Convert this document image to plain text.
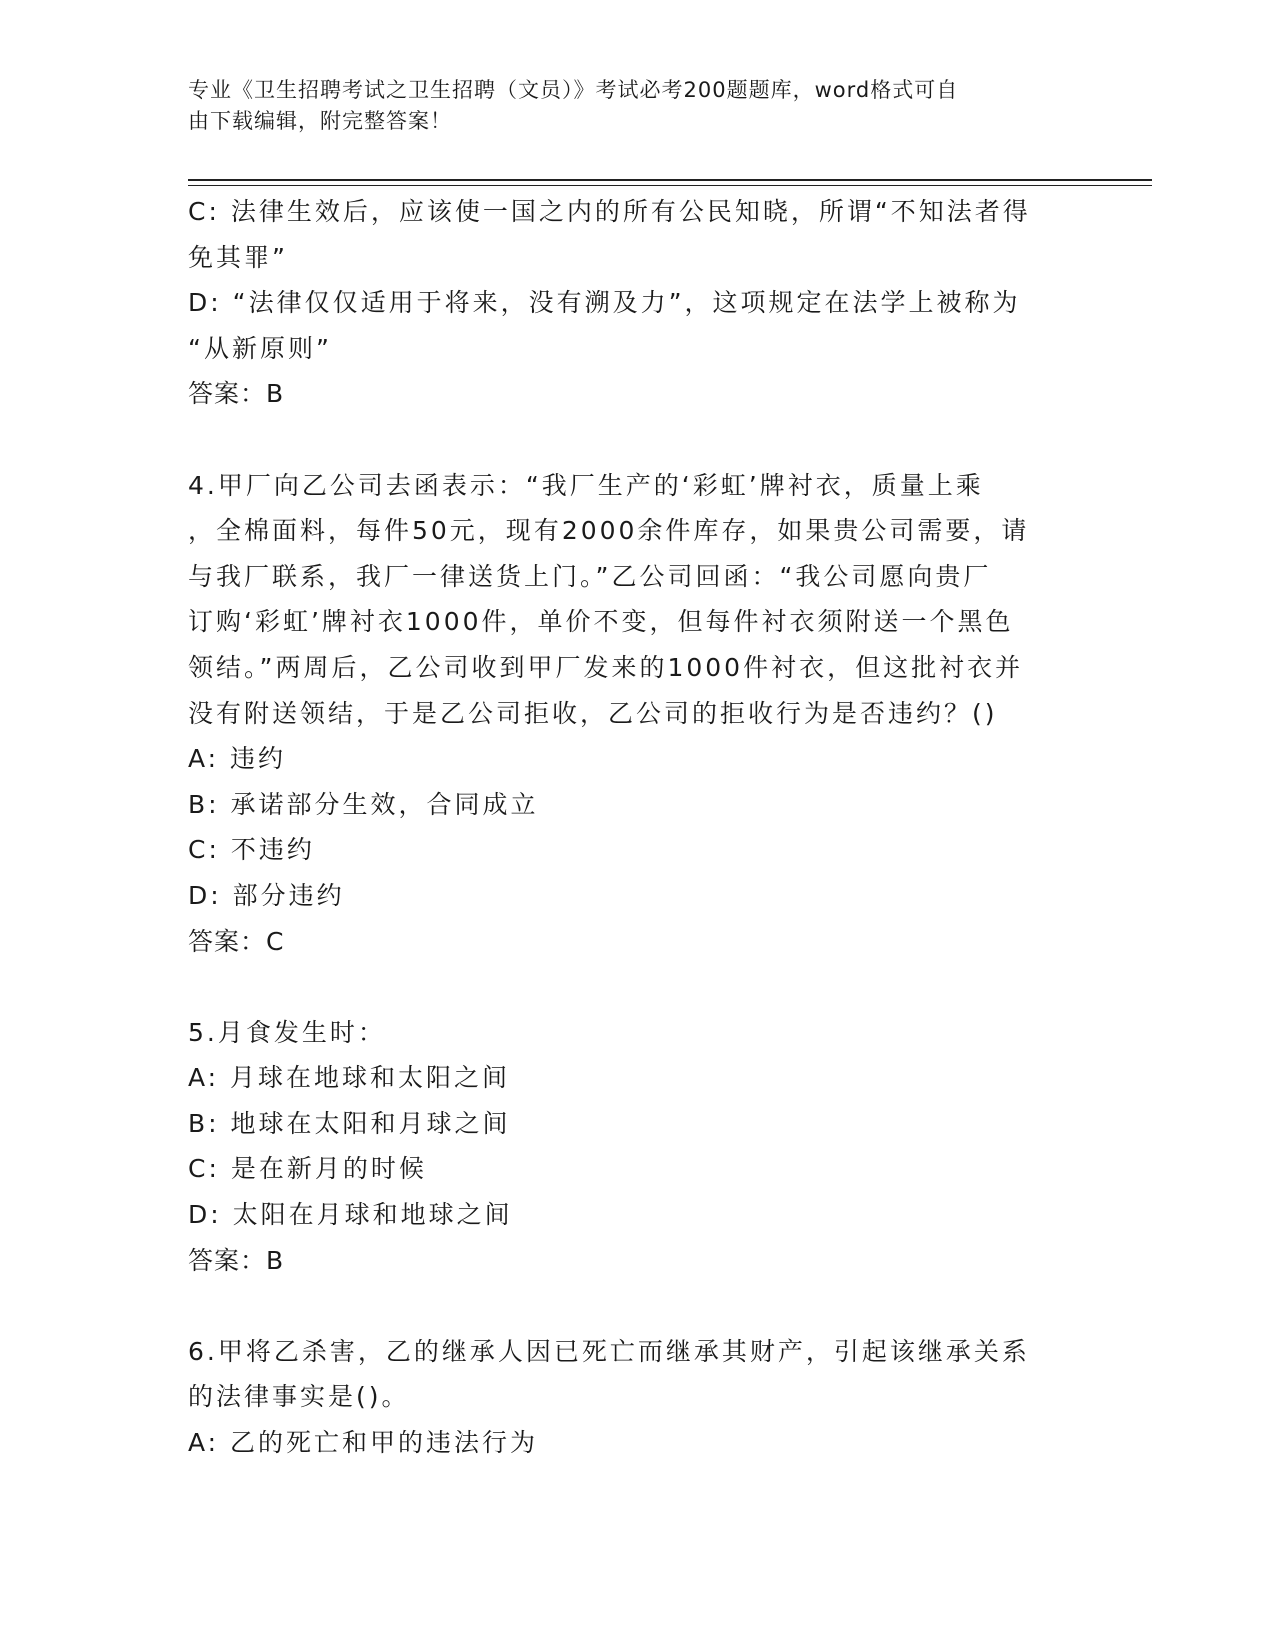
专业《卫生招聘考试之卫生招聘（文员）》考试必考200题题库，word格式可自
由下载编辑，附完整答案！
C: 法律生效后，应该使一国之内的所有公民知晓，所谓“不知法者得
免其罪”
D: “法律仅仅适用于将来，没有溯及力”，这项规定在法学上被称为
“从新原则”
答案：B
4.甲厂向乙公司去函表示：“我厂生产的‘彩虹’牌衬衣，质量上乘
，全棉面料，每件50元，现有2000余件库存，如果贵公司需要，请
与我厂联系，我厂一律送货上门。”乙公司回函：“我公司愿向贵厂
订购‘彩虹’牌衬衣1000件，单价不变，但每件衬衣须附送一个黑色
领结。”两周后，乙公司收到甲厂发来的1000件衬衣，但这批衬衣并
没有附送领结，于是乙公司拒收，乙公司的拒收行为是否违约？()
A: 违约
B: 承诺部分生效，合同成立
C: 不违约
D: 部分违约
答案：C
5.月食发生时：
A: 月球在地球和太阳之间
B: 地球在太阳和月球之间
C: 是在新月的时候
D: 太阳在月球和地球之间
答案：B
6.甲将乙杀害，乙的继承人因已死亡而继承其财产，引起该继承关系
的法律事实是()。
A: 乙的死亡和甲的违法行为
